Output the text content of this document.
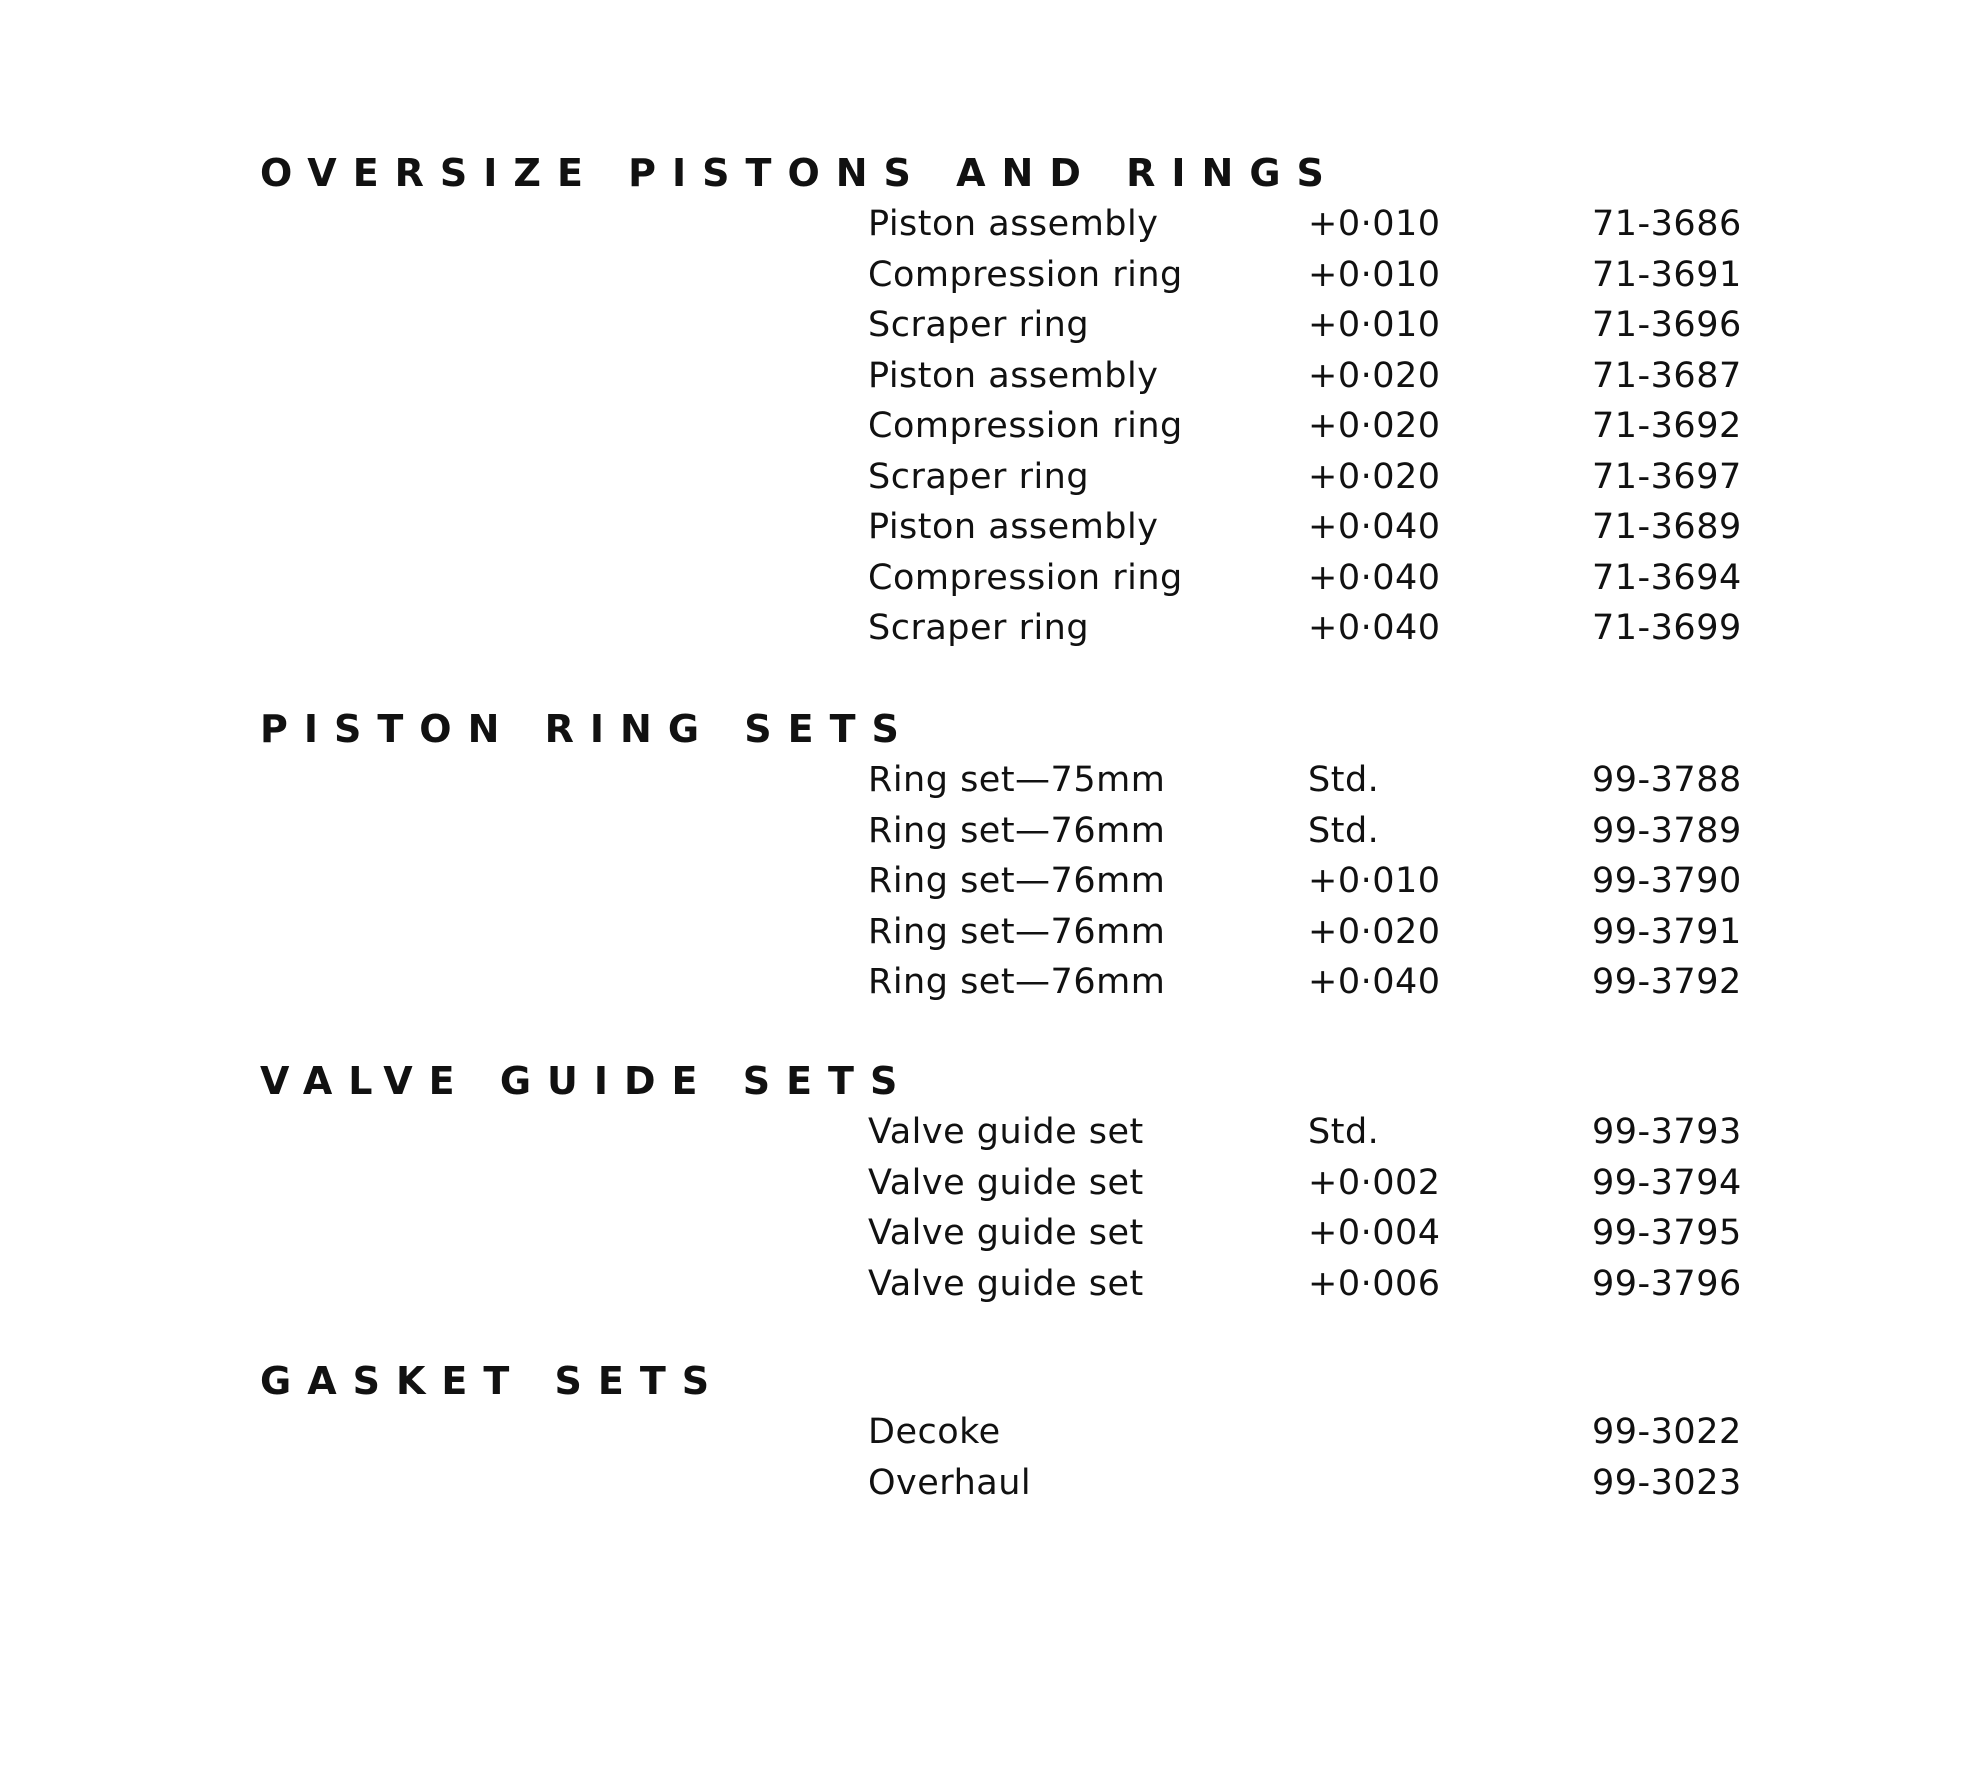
OVERSIZE PISTONS AND RINGS
Piston assembly	+0·010	71-3686
Compression ring	+0·010	71-3691
Scraper ring	+0·010	71-3696
Piston assembly	+0·020	71-3687
Compression ring	+0·020	71-3692
Scraper ring	+0·020	71-3697
Piston assembly	+0·040	71-3689
Compression ring	+0·040	71-3694
Scraper ring	+0·040	71-3699
PISTON RING SETS
Ring set—75mm	Std.	99-3788
Ring set—76mm	Std.	99-3789
Ring set—76mm	+0·010	99-3790
Ring set—76mm	+0·020	99-3791
Ring set—76mm	+0·040	99-3792
VALVE GUIDE SETS
Valve guide set	Std.	99-3793
Valve guide set	+0·002	99-3794
Valve guide set	+0·004	99-3795
Valve guide set	+0·006	99-3796
GASKET SETS
Decoke	99-3022
Overhaul	99-3023
